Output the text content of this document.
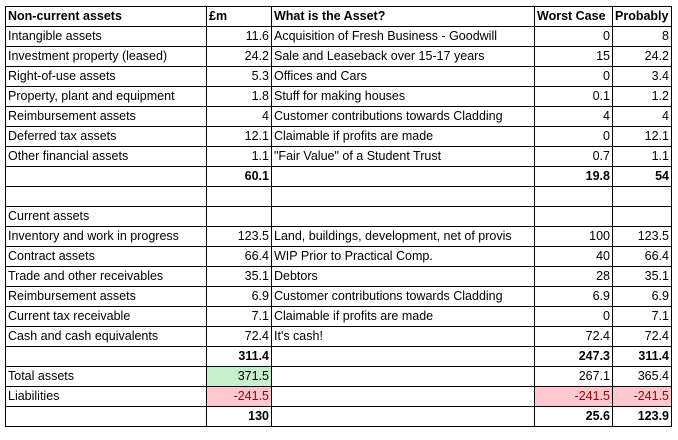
Non-current assets	£m	What is the Asset?	Worst Case	Probably
Intangible assets	11.6	Acquisition of Fresh Business - Goodwill	0	8
Investment property (leased)	24.2	Sale and Leaseback over 15-17 years	15	24.2
Right-of-use assets	5.3	Offices and Cars	0	3.4
Property, plant and equipment	1.8	Stuff for making houses	0.1	1.2
Reimbursement assets	4	Customer contributions towards Cladding	4	4
Deferred tax assets	12.1	Claimable if profits are made	0	12.1
Other financial assets	1.1	"Fair Value" of a Student Trust	0.7	1.1
	60.1		19.8	54

Current assets				
Inventory and work in progress	123.5	Land, buildings, development, net of provis	100	123.5
Contract assets	66.4	WIP Prior to Practical Comp.	40	66.4
Trade and other receivables	35.1	Debtors	28	35.1
Reimbursement assets	6.9	Customer contributions towards Cladding	6.9	6.9
Current tax receivable	7.1	Claimable if profits are made	0	7.1
Cash and cash equivalents	72.4	It's cash!	72.4	72.4
	311.4		247.3	311.4
Total assets	371.5		267.1	365.4
Liabilities	-241.5		-241.5	-241.5
	130		25.6	123.9
